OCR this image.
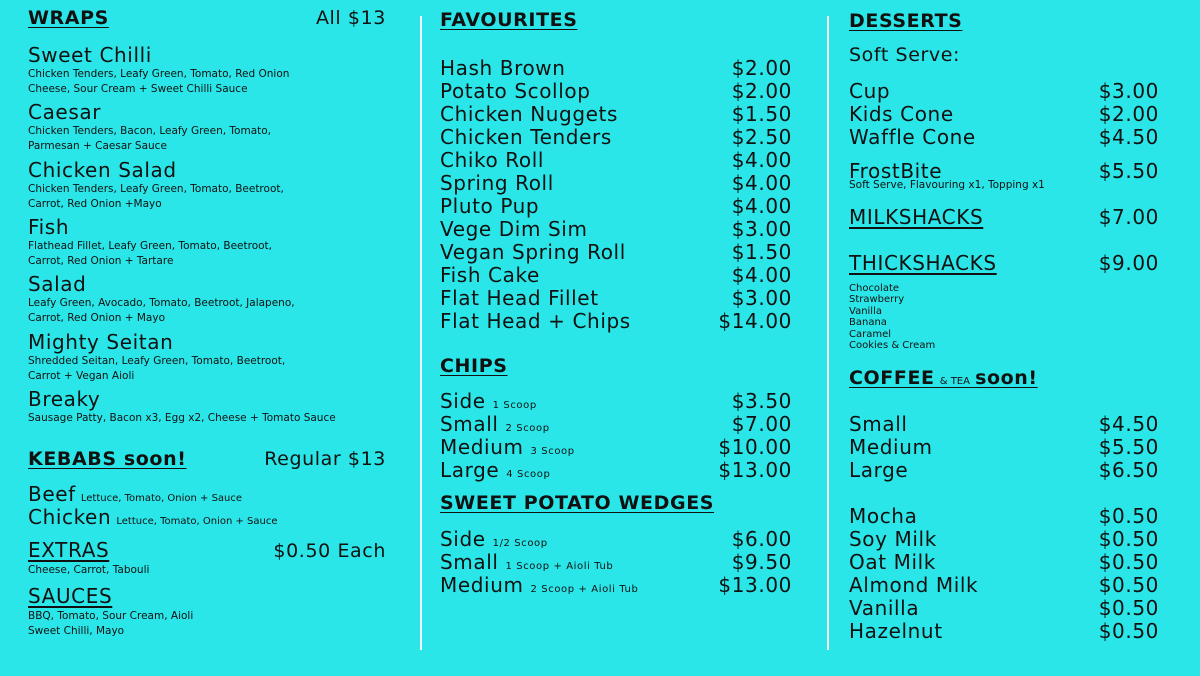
WRAPS	All $13
Sweet Chilli
Chicken Tenders, Leafy Green, Tomato, Red Onion
Cheese, Sour Cream + Sweet Chilli Sauce
Caesar
Chicken Tenders, Bacon, Leafy Green, Tomato,
Parmesan + Caesar Sauce
Chicken Salad
Chicken Tenders, Leafy Green, Tomato, Beetroot,
Carrot, Red Onion +Mayo
Fish
Flathead Fillet, Leafy Green, Tomato, Beetroot,
Carrot, Red Onion + Tartare
Salad
Leafy Green, Avocado, Tomato, Beetroot, Jalapeno,
Carrot, Red Onion + Mayo
Mighty Seitan
Shredded Seitan, Leafy Green, Tomato, Beetroot,
Carrot + Vegan Aioli
Breaky
Sausage Patty, Bacon x3, Egg x2, Cheese + Tomato Sauce
KEBABS soon!	Regular $13
Beef Lettuce, Tomato, Onion + Sauce
Chicken Lettuce, Tomato, Onion + Sauce
EXTRAS	$0.50 Each
Cheese, Carrot, Tabouli
SAUCES
BBQ, Tomato, Sour Cream, Aioli
Sweet Chilli, Mayo
FAVOURITES
Hash Brown	$2.00
Potato Scollop	$2.00
Chicken Nuggets	$1.50
Chicken Tenders	$2.50
Chiko Roll	$4.00
Spring Roll	$4.00
Pluto Pup	$4.00
Vege Dim Sim	$3.00
Vegan Spring Roll	$1.50
Fish Cake	$4.00
Flat Head Fillet	$3.00
Flat Head + Chips	$14.00
CHIPS
Side 1 Scoop	$3.50
Small 2 Scoop	$7.00
Medium 3 Scoop	$10.00
Large 4 Scoop	$13.00
SWEET POTATO WEDGES
Side 1/2 Scoop	$6.00
Small 1 Scoop + Aioli Tub	$9.50
Medium 2 Scoop + Aioli Tub	$13.00
DESSERTS
Soft Serve:
Cup	$3.00
Kids Cone	$2.00
Waffle Cone	$4.50
FrostBite	$5.50
Soft Serve, Flavouring x1, Topping x1
MILKSHACKS	$7.00
THICKSHACKS	$9.00
Chocolate
Strawberry
Vanilla
Banana
Caramel
Cookies & Cream
COFFEE & TEA soon!
Small	$4.50
Medium	$5.50
Large	$6.50
Mocha	$0.50
Soy Milk	$0.50
Oat Milk	$0.50
Almond Milk	$0.50
Vanilla	$0.50
Hazelnut	$0.50
